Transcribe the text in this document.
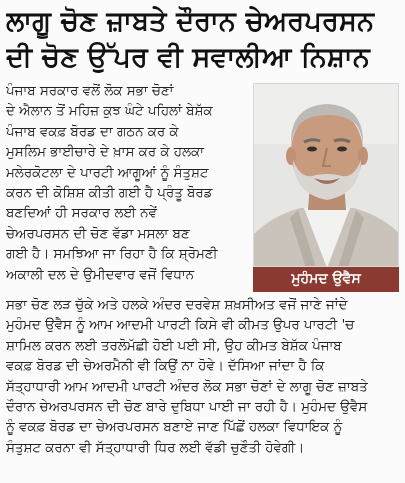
ਲਾਗੂ ਚੋਣ ਜ਼ਾਬਤੇ ਦੌਰਾਨ ਚੇਅਰਪਰਸਨ
ਦੀ ਚੋਣ ਉੱਪਰ ਵੀ ਸਵਾਲੀਆ ਨਿਸ਼ਾਨ
ਮੁਹੰਮਦ ਉਵੈਸ
ਪੰਜਾਬ ਸਰਕਾਰ ਵਲੋਂ ਲੋਕ ਸਭਾ ਚੋਣਾਂ
ਦੇ ਐਲਾਨ ਤੋਂ ਮਹਿਜ਼ ਕੁਝ ਘੰਟੇ ਪਹਿਲਾਂ ਬੇਸ਼ੱਕ
ਪੰਜਾਬ ਵਕਫ਼ ਬੋਰਡ ਦਾ ਗਠਨ ਕਰ ਕੇ
ਮੁਸਲਿਮ ਭਾਈਚਾਰੇ ਦੇ ਖ਼ਾਸ ਕਰ ਕੇ ਹਲਕਾ
ਮਲੇਰਕੋਟਲਾ ਦੇ ਪਾਰਟੀ ਆਗੂਆਂ ਨੂੰ ਸੰਤੁਸ਼ਟ
ਕਰਨ ਦੀ ਕੋਸ਼ਿਸ਼ ਕੀਤੀ ਗਈ ਹੈ ਪ੍ਰੰਤੂ ਬੋਰਡ
ਬਣਦਿਆਂ ਹੀ ਸਰਕਾਰ ਲਈ ਨਵੇਂ
ਚੇਅਰਪਰਸਨ ਦੀ ਚੋਣ ਵੱਡਾ ਮਸਲਾ ਬਣ
ਗਈ ਹੈ। ਸਮਝਿਆ ਜਾ ਰਿਹਾ ਹੈ ਕਿ ਸ਼੍ਰੋਮਣੀ
ਅਕਾਲੀ ਦਲ ਦੇ ਉਮੀਦਵਾਰ ਵਜੋਂ ਵਿਧਾਨ
ਸਭਾ ਚੋਣ ਲੜ ਚੁੱਕੇ ਅਤੇ ਹਲਕੇ ਅੰਦਰ ਦਰਵੇਸ਼ ਸ਼ਖ਼ਸੀਅਤ ਵਜੋਂ ਜਾਣੇ ਜਾਂਦੇ
ਮੁਹੰਮਦ ਉਵੈਸ ਨੂੰ ਆਮ ਆਦਮੀ ਪਾਰਟੀ ਕਿਸੇ ਵੀ ਕੀਮਤ ਉਪਰ ਪਾਰਟੀ 'ਚ
ਸ਼ਾਮਿਲ ਕਰਨ ਲਈ ਤਰਲੋਮੱਛੀ ਹੋਈ ਪਈ ਸੀ, ਉਹ ਕੀਮਤ ਬੇਸ਼ੱਕ ਪੰਜਾਬ
ਵਕਫ਼ ਬੋਰਡ ਦੀ ਚੇਅਰਮੈਨੀ ਵੀ ਕਿਉਂ ਨਾ ਹੋਵੇ। ਦੱਸਿਆ ਜਾਂਦਾ ਹੈ ਕਿ
ਸੱਤ੍ਹਾਧਾਰੀ ਆਮ ਆਦਮੀ ਪਾਰਟੀ ਅੰਦਰ ਲੋਕ ਸਭਾ ਚੋਣਾਂ ਦੇ ਲਾਗੂ ਚੋਣ ਜ਼ਾਬਤੇ
ਦੌਰਾਨ ਚੇਅਰਪਰਸਨ ਦੀ ਚੋਣ ਬਾਰੇ ਦੁਬਿਧਾ ਪਾਈ ਜਾ ਰਹੀ ਹੈ। ਮੁਹੰਮਦ ਉਵੈਸ
ਨੂੰ ਵਕਫ਼ ਬੋਰਡ ਦਾ ਚੇਅਰਪਰਸਨ ਬਣਾਏ ਜਾਣ ਪਿੱਛੋਂ ਹਲਕਾ ਵਿਧਾਇਕ ਨੂੰ
ਸੰਤੁਸ਼ਟ ਕਰਨਾ ਵੀ ਸੱਤ੍ਹਾਧਾਰੀ ਧਿਰ ਲਈ ਵੱਡੀ ਚੁਣੌਤੀ ਹੋਵੇਗੀ।
